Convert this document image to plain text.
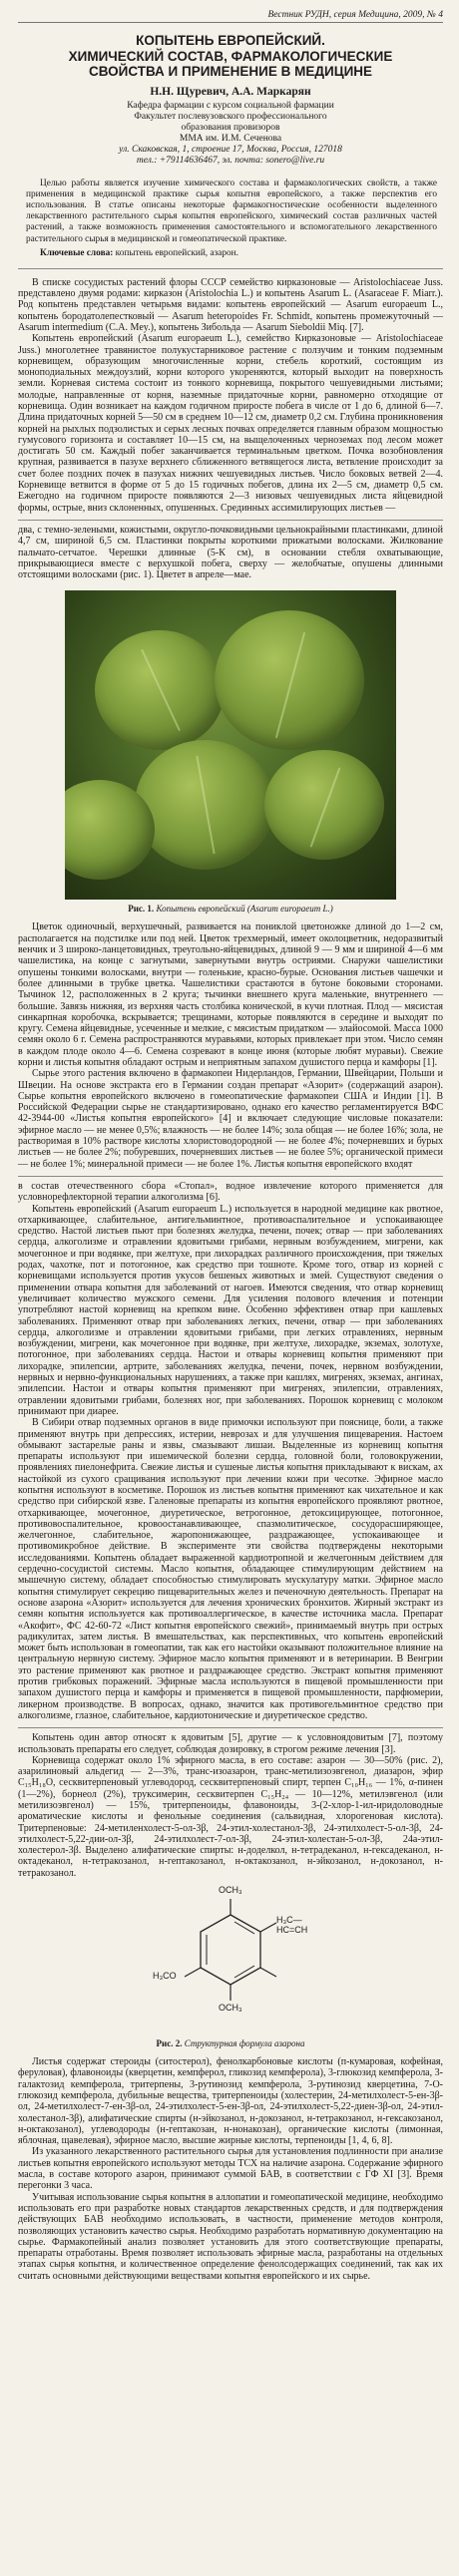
Вестник РУДН, серия Медицина, 2009, № 4
КОПЫТЕНЬ ЕВРОПЕЙСКИЙ.
ХИМИЧЕСКИЙ СОСТАВ, ФАРМАКОЛОГИЧЕСКИЕ
СВОЙСТВА И ПРИМЕНЕНИЕ В МЕДИЦИНЕ
Н.Н. Щуревич, А.А. Маркарян
Кафедра фармации с курсом социальной фармации
Факультет послевузовского профессионального
образования провизоров
ММА им. И.М. Сеченова
ул. Скаковская, 1, строение 17, Москва, Россия, 127018
тел.: +79114636467, эл. почта: sonero@live.ru

Целью работы является изучение химического состава и фармакологических свойств, а также применения в медицинской практике сырья копытня европейского, а также перспектив его использования. В статье описаны некоторые фармакогностические особенности выделенного лекарственного растительного сырья копытня европейского, химический состав различных частей растений, а также возможность применения самостоятельного и вспомогательного лекарственного растительного сырья в медицинской и гомеопатической практике.

Ключевые слова: копытень европейский, азарон.

В списке сосудистых растений флоры СССР семейство кирказоновые — Aristolochiaceae Juss. представлено двумя родами: кирказон (Aristolochia L.) и копытень Asarum L. (Asaraceae F. Miarr.). Род копытень представлен четырьмя видами: копытень европейский — Asarum europaeum L., копытень бородатолепестковый — Asarum heteropoides Fr. Schmidt, копытень промежуточный — Asarum intermedium (C.A. Mey.), копытень Зибольда — Asarum Sieboldii Miq. [7].

Копытень европейский (Asarum europaeum L.), семейство Кирказоновые — Aristolochiaceae Juss.) многолетнее травянистое полукустарниковое растение с ползучим и тонким подземным корневищем, образующим многочисленные корни, стебель короткий, состоящим из моноподиальных междоузлий, корни которого укореняются, который выходит на поверхность земли. Корневая система состоит из тонкого корневища, покрытого чешуевидными листьями; молодые, направленные от корня, наземные придаточные корни, равномерно отходящие от корневища. Один возникает на каждом годичном приросте побега в числе от 1 до 6, длиной 6—7. Длина придаточных корней 5—50 см в среднем 10—12 см, диаметр 0,2 см. Глубина проникновения корней на рыхлых подзолистых и серых лесных почвах определяется главным образом мощностью гумусового горизонта и составляет 10—15 см, на выщелоченных черноземах под лесом может достигать 50 см. Каждый побег заканчивается терминальным цветком. Почка возобновления крупная, развивается в пазухе верхнего сближенного ветвящегося листа, ветвление происходит за счет более поздних почек в пазухах нижних чешуевидных листьев. Число боковых ветвей 2—4. Корневище ветвится в форме от 5 до 15 годичных побегов, длина их 2—5 см, диаметр 0,5 см. Ежегодно на годичном приросте появляются 2—3 низовых чешуевидных листа яйцевидной формы, острые, вниз склоненных, опушенных. Срединных ассимилирующих листьев —

два, с темно-зелеными, кожистыми, округло-почковидными цельнокрайными пластинками, длиной 4,7 см, шириной 6,5 см. Пластинки покрыты короткими прижатыми волосками. Жилкование пальчато-сетчатое. Черешки длинные (5-К см), в основании стебля охватывающие, прикрывающиеся вместе с верхушкой побега, сверху — желобчатые, опушены длинными отстоящими волосками (рис. 1). Цветет в апреле—мае.

Рис. 1. Копытень европейский (Asarum europaeum L.)

Цветок одиночный, верхушечный, развивается на пониклой цветоножке длиной до 1—2 см, располагается на подстилке или под ней. Цветок трехмерный, имеет околоцветник, недоразвитый венчик и 3 широко-ланцетовидных, треугольно-яйцевидных, длиной 9 — 9 мм и шириной 4—6 мм чашелистика, на конце с загнутыми, завернутыми внутрь остриями. Снаружи чашелистики опушены тонкими волосками, внутри — голенькие, красно-бурые. Основания листьев чашечки и более длинными в трубке цветка. Чашелистики срастаются в бутоне боковыми сторонами. Тычинок 12, расположенных в 2 круга; тычинки внешнего круга маленькие, внутреннего — большие. Завязь нижняя, из верхняя часть столбика конической, в кучи плотная. Плод — мясистая синкарпная коробочка, вскрывается; трещинами, которые появляются в середине и выходят по кругу. Семена яйцевидные, усеченные и мелкие, с мясистым придатком — элайосомой. Масса 1000 семян около 6 г. Семена распространяются муравьями, которых привлекает при этом. Число семян в каждом плоде около 4—6. Семена созревают в конце июня (которые любят муравьи). Свежие корни и листья копытня обладают острым и неприятным запахом душистого перца и камфоры [1].

Сырье этого растения включено в фармакопеи Нидерландов, Германии, Швейцарии, Польши и Швеции. На основе экстракта его в Германии создан препарат «Азорит» (содержащий азарон). Сырье копытня европейского включено в гомеопатические фармакопеи США и Индии [1]. В Российской Федерации сырье не стандартизировано, однако его качество регламентируется ВФС 42-3944-00 «Листья копытня европейского» [4] и включает следующие числовые показатели: эфирное масло — не менее 0,5%; влажность — не более 14%; зола общая — не более 16%; зола, не растворимая в 10% растворе кислоты хлористоводородной — не более 4%; почерневших и бурых листьев — не более 2%; побуревших, почерневших листьев — не более 5%; органической примеси — не более 1%; минеральной примеси — не более 1%. Листья копытня европейского входят

в состав отечественного сбора «Стопал», водное извлечение которого применяется для условнорефлекторной терапии алкоголизма [6].

Копытень европейский (Asarum europaeum L.) используется в народной медицине как рвотное, отхаркивающее, слабительное, антигельминтное, противоаспалительное и успокаивающее средство. Настой листьев пьют при болезнях желудка, печени, почек; отвар — при заболеваниях сердца, алкоголизме и отравлении ядовитыми грибами, нервным возбуждением, мигрени, как мочегонное и при водянке, при желтухе, при лихорадках различного происхождения, при тяжелых родах, чахотке, пот и потогонное, как средство при тошноте. Кроме того, отвар из корней с корневищами используется против укусов бешеных животных и змей. Существуют сведения о применении отвара копытня для заболеваний от нагоев. Имеются сведения, что отвар корневищ увеличивает количество мужского семени. Для усиления полового влечения и потенции употребляют настой корневищ на крепком вине. Особенно эффективен отвар при кашлевых заболеваниях. Применяют отвар при заболеваниях легких, печени, отвар — при заболеваниях сердца, алкоголизме и отравлении ядовитыми грибами, при легких отравлениях, нервным возбуждении, мигрени, как мочегонное при водянке, при желтухе, лихорадке, экземах, золотухе, потогонное, при заболеваниях сердца. Настои и отвары корневищ копытня применяют при лихорадке, эпилепсии, артрите, заболеваниях желудка, печени, почек, нервном возбуждении, нервных и нервно-функциональных нарушениях, а также при кашлях, мигренях, экземах, ангинах, эпилепсии. Настои и отвары копытня применяют при мигренях, эпилепсии, отравлениях, отравлении ядовитыми грибами, болезнях ног, при заболеваниях. Порошок корневищ с молоком принимают при диарее.

В Сибири отвар подземных органов в виде примочки используют при пояснице, боли, а также применяют внутрь при депрессиях, истерии, неврозах и для улучшения пищеварения. Настоем обмывают застарелые раны и язвы, смазывают лишаи. Выделенные из корневищ копытня препараты используют при ишемической болезни сердца, головной боли, головокружении, проявлениях пиелонефрита. Свежие листья и сушеные листья копытня прикладывают к вискам, ах настойкой из сухого сращивания используют при лечении кожи при чесотке. Эфирное масло копытня используют в косметике. Порошок из листьев копытня применяют как чихательное и как средство при сибирской язве. Галеновые препараты из копытня европейского проявляют рвотное, отхаркивающее, мочегонное, диуретическое, ветрогонное, детоксицирующее, потогонное, противовоспалительное, кровоостанавливающее, спазмолитическое, сосудорасширяющее, желчегонное, слабительное, жаропонижающее, раздражающее, успокаивающее и противомикробное действие. В эксперименте эти свойства подтверждены некоторыми исследованиями. Копытень обладает выраженной кардиотропной и желчегонным действием для сердечно-сосудистой системы. Масло копытня, обладающее стимулирующим действием на мышечную систему, обладает способностью стимулировать мускулатуру матки. Эфирное масло копытня стимулирует секрецию пищеварительных желез и печеночную деятельность. Препарат на основе азарона «Азорит» используется для лечения хронических бронхитов. Жирный экстракт из семян копытня используется как противоаллергическое, в качестве источника масла. Препарат «Акофит», ФС 42-60-72 «Лист копытня европейского свежий», принимаемый внутрь при острых радикулитах, затем листья. В вмешательствах, как перспективных, что копытень европейский может быть использован в гомеопатии, так как его настойки оказывают положительное влияние на центральную нервную систему. Эфирное масло копытня применяют и в ветеринарии. В Венгрии это растение применяют как рвотное и раздражающее средство. Экстракт копытня применяют против грибковых поражений. Эфирные масла используются в пищевой промышленности при запахом душистого перца и камфоры и применяется в пищевой промышленности, парфюмерии, ликерном производстве. В вопросах, однако, значится как противогельминтное средство при алкоголизме, глазное, слабительное, кардиотонические и диуретическое средство.

Копытень один автор относят к ядовитым [5], другие — к условноядовитым [7], поэтому использовать препараты его следует, соблюдая дозировку, в строгом режиме лечения [3].

Корневища содержат около 1% эфирного масла, в его составе: азарон — 30—50% (рис. 2), азарилиновый альдегид — 2—3%, транс-изоазарон, транс-метилизоэвгенол, диазарон, эфир С₁₅H₁₈O, сесквитерпеновый углеводород, сесквитерпеновый спирт, терпен С₁₀H₁₆ — 1%, α-пинен (1—2%), борнеол (2%), труксимерин, сесквитерпен С₁₅H₂₄ — 10—12%, метилэвгенол (или метилизоэвгенол) — 15%, тритерпеноиды, флавоноиды, 3-(2-хлор-1-ил-иридоловодные ароматические кислоты и фенольные соединения (сальвидная, хлорогеновая кислота). Тритерпеновые: 24-метиленхолест-5-ол-3β, 24-этил-холестанол-3β, 24-этилхолест-5-ол-3β, 24-этилхолест-5,22-дии-ол-3β, 24-этилхолест-7-ол-3β, 24-этил-холестан-5-ол-3β, 24а-этил-холестерол-3β. Выделено алифатические спирты: н-доделкол, н-тетрадеканол, н-гексадеканол, н-октадеканол, н-тетракозанол, н-гептакозанол, н-октакозанол, н-эйкозанол, н-докозанол, н-тетракозанол.

OCH₃
H₃CO
OCH₃
H₃C—HC=CH
Рис. 2. Структурная формула азарона

Листья содержат стероиды (ситостерол), фенолкарбоновые кислоты (п-кумаровая, кофейная, феруловая), флавоноиды (кверцетин, кемпферол, гликозид кемпферола), 3-глюкозид кемпферола, 3-галактозид кемпферола, тритерпены, 3-рутинозид кемпферола, 3-рутинозид кверцетина, 7-О-глюкозид кемпферола, дубильные вещества, тритерпеноиды (холестерин, 24-метилхолест-5-ен-3β-ол, 24-метилхолест-7-ен-3β-ол, 24-этилхолест-5-ен-3β-ол, 24-этилхолест-5,22-диен-3β-ол, 24-этил-холестанол-3β), алифатические спирты (н-эйкозанол, н-докозанол, н-тетракозанол, н-гексакозанол, н-октакозанол), углеводороды (н-гептакозан, н-нонакозан), органические кислоты (лимонная, яблочная, щавелевая), эфирное масло, высшие жирные кислоты, терпеноиды [1, 4, 6, 8].

Из указанного лекарственного растительного сырья для установления подлинности при анализе листьев копытня европейского используют методы ТСХ на наличие азарона. Содержание эфирного масла, в составе которого азарон, принимают суммой БАВ, в соответствии с ГФ XI [3]. Время перегонки 3 часа.

Учитывая использование сырья копытня в аллопатии и гомеопатической медицине, необходимо использовать его при разработке новых стандартов лекарственных средств, и для подтверждения действующих БАВ необходимо использовать, в частности, применение методов контроля, позволяющих установить качество сырья. Необходимо разработать нормативную документацию на сырье. Фармакопейный анализ позволяет установить для этого соответствующие препараты, препараты отработаны. Время позволяет использовать эфирные масла, разработаны на отдельных этапах сырья копытня, и количественное определение фенолсодержащих соединений, так как их считать основными действующими веществами копытня европейского и их сырье.
